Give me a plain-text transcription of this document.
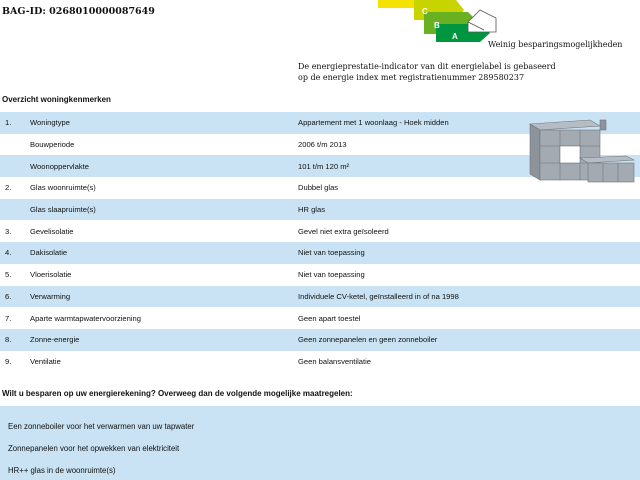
BAG-ID: 0268010000087649	C
B
A
Weinig besparingsmogelijkheden
De energieprestatie-indicator van dit energielabel is gebaseerd
op de energie index met registratienummer 289580237
Overzicht woningkenmerken
1.	Woningtype	Appartement met 1 woonlaag - Hoek midden
Bouwperiode	2006 t/m 2013
Woonoppervlakte	101 t/m 120 m²
2.	Glas woonruimte(s)	Dubbel glas
Glas slaapruimte(s)	HR glas
3.	Gevelisolatie	Gevel niet extra geïsoleerd
4.	Dakisolatie	Niet van toepassing
5.	Vloerisolatie	Niet van toepassing
6.	Verwarming	Individuele CV-ketel, geïnstalleerd in of na 1998
7.	Aparte warmtapwatervoorziening	Geen apart toestel
8.	Zonne-energie	Geen zonnepanelen en geen zonneboiler
9.	Ventilatie	Geen balansventilatie
Wilt u besparen op uw energierekening? Overweeg dan de volgende mogelijke maatregelen:
Een zonneboiler voor het verwarmen van uw tapwater
Zonnepanelen voor het opwekken van elektriciteit
HR++ glas in de woonruimte(s)
